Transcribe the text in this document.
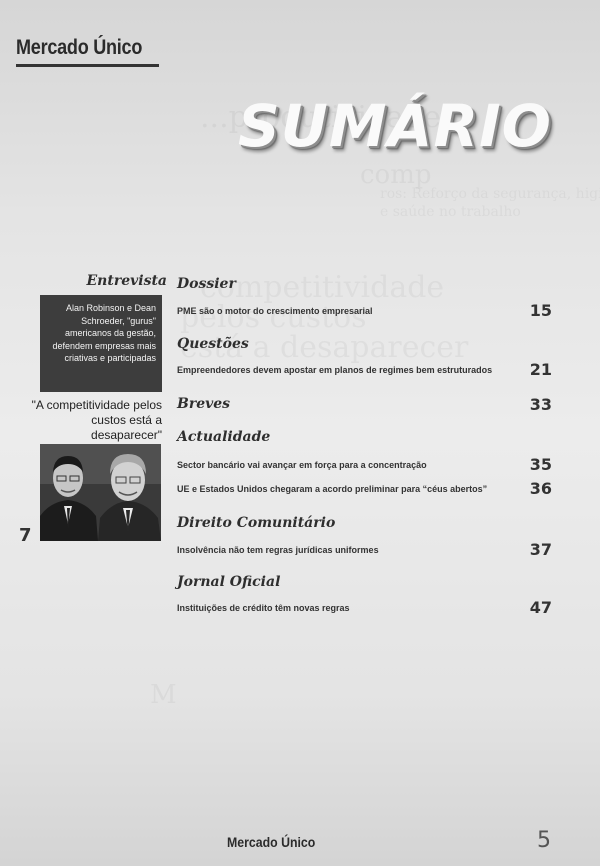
Mercado Único
SUMÁRIO
Entrevista
Alan Robinson e Dean Schroeder, "gurus" americanos da gestão, defendem empresas mais criativas e participadas
"A competitividade pelos custos está a desaparecer"
7
Dossier
PME são o motor do crescimento empresarial	15
Questões
Empreendedores devem apostar em planos de regimes bem estruturados 21
Breves	33
Actualidade
Sector bancário vai avançar em força para a concentração	35
UE e Estados Unidos chegaram a acordo preliminar para “céus abertos”	36
Direito Comunitário
Insolvência não tem regras jurídicas uniformes	37
Jornal Oficial
Instituições de crédito têm novas regras	47
Mercado Único	5
